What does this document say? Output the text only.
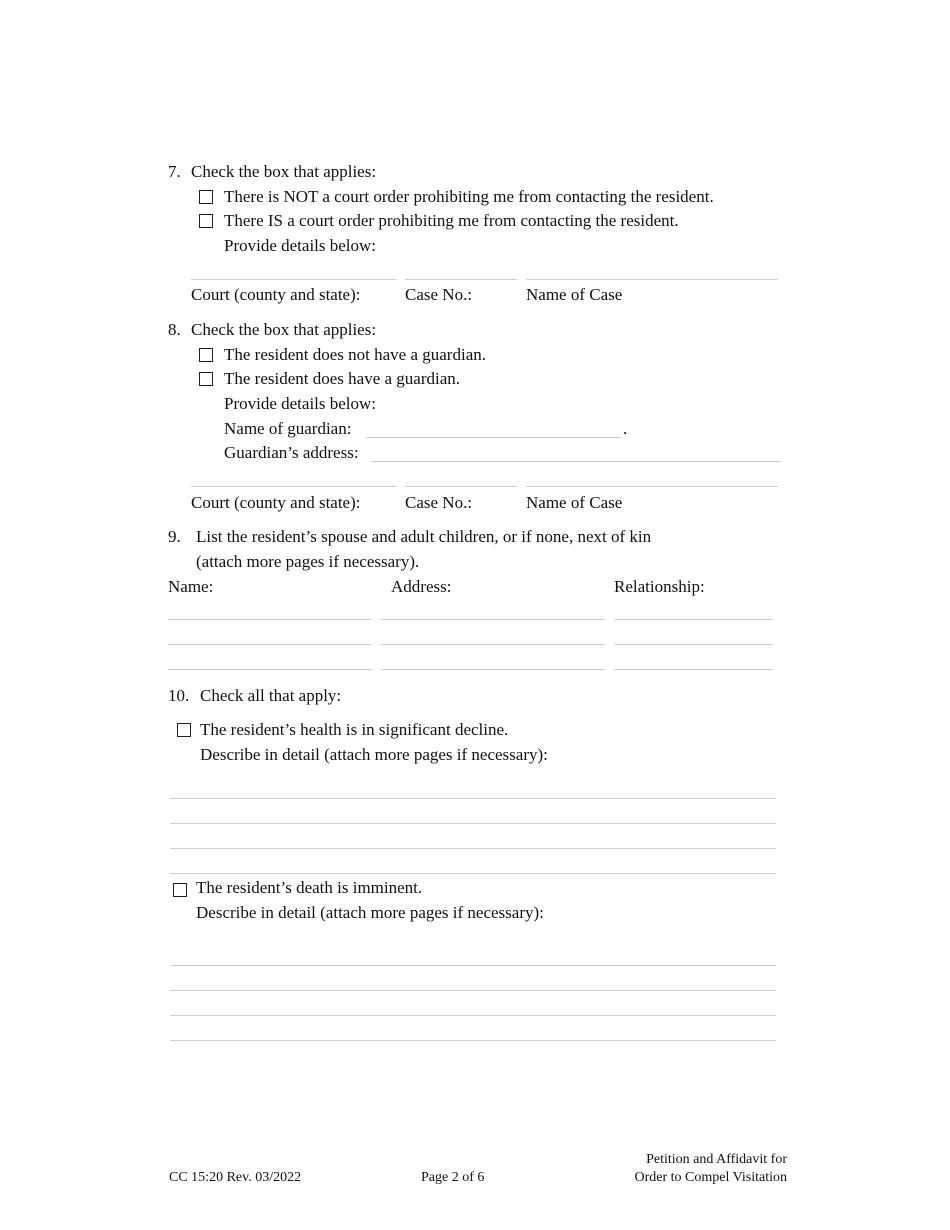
7. Check the box that applies:
There is NOT a court order prohibiting me from contacting the resident.
There IS a court order prohibiting me from contacting the resident.
Provide details below:
Court (county and state):	Case No.:	Name of Case
8. Check the box that applies:
The resident does not have a guardian.
The resident does have a guardian.
Provide details below:
Name of guardian:	.
Guardian’s address:
Court (county and state):	Case No.:	Name of Case
9. List the resident’s spouse and adult children, or if none, next of kin
(attach more pages if necessary).
Name:	Address:	Relationship:
10. Check all that apply:
The resident’s health is in significant decline.
Describe in detail (attach more pages if necessary):
The resident’s death is imminent.
Describe in detail (attach more pages if necessary):
CC 15:20 Rev. 03/2022	Page 2 of 6
Petition and Affidavit for
Order to Compel Visitation
